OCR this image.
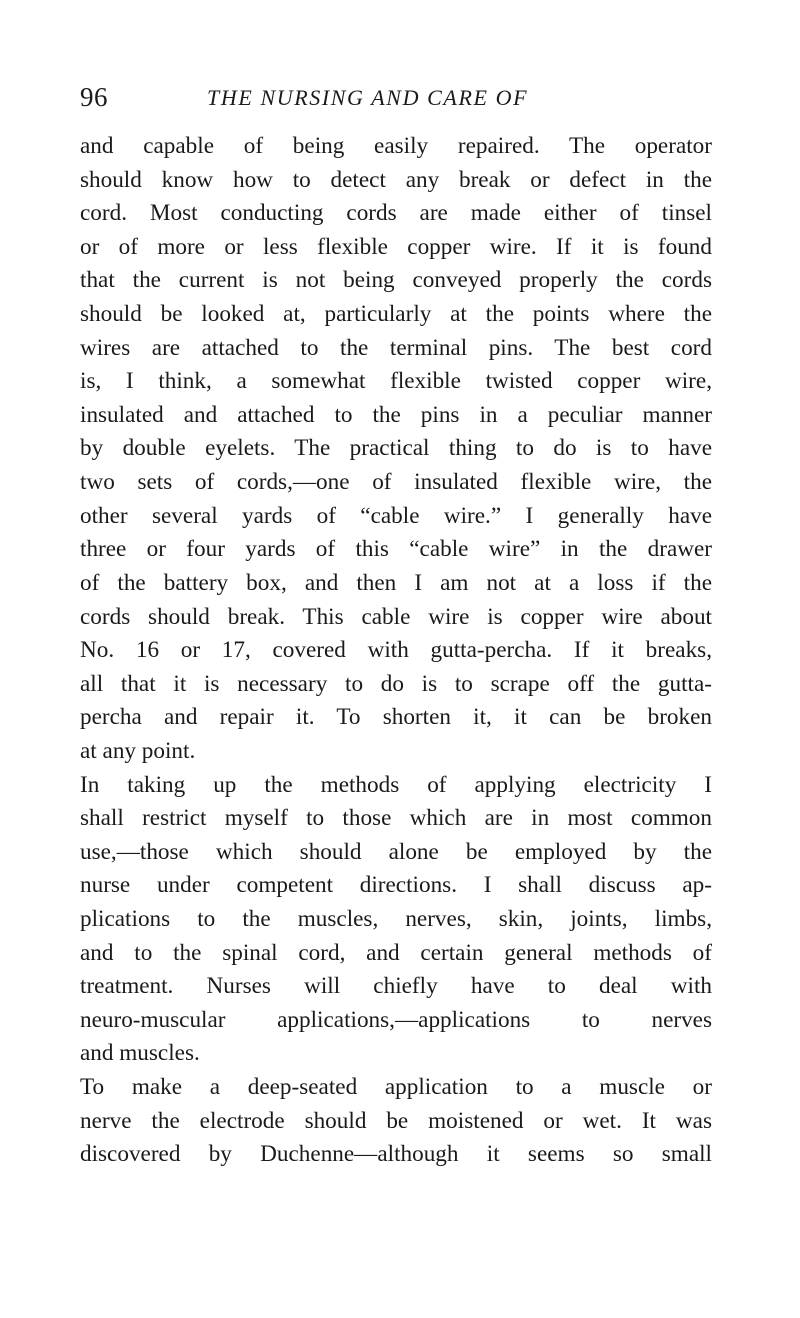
96	THE NURSING AND CARE OF
and capable of being easily repaired. The operator
should know how to detect any break or defect in the
cord. Most conducting cords are made either of tinsel
or of more or less flexible copper wire. If it is found
that the current is not being conveyed properly the cords
should be looked at, particularly at the points where the
wires are attached to the terminal pins. The best cord
is, I think, a somewhat flexible twisted copper wire,
insulated and attached to the pins in a peculiar manner
by double eyelets. The practical thing to do is to have
two sets of cords,—one of insulated flexible wire, the
other several yards of “cable wire.” I generally have
three or four yards of this “cable wire” in the drawer
of the battery box, and then I am not at a loss if the
cords should break. This cable wire is copper wire about
No. 16 or 17, covered with gutta-percha. If it breaks,
all that it is necessary to do is to scrape off the gutta-
percha and repair it. To shorten it, it can be broken
at any point.
In taking up the methods of applying electricity I
shall restrict myself to those which are in most common
use,—those which should alone be employed by the
nurse under competent directions. I shall discuss ap-
plications to the muscles, nerves, skin, joints, limbs,
and to the spinal cord, and certain general methods of
treatment. Nurses will chiefly have to deal with
neuro-muscular applications,—applications to nerves
and muscles.
To make a deep-seated application to a muscle or
nerve the electrode should be moistened or wet. It was
discovered by Duchenne—although it seems so small
